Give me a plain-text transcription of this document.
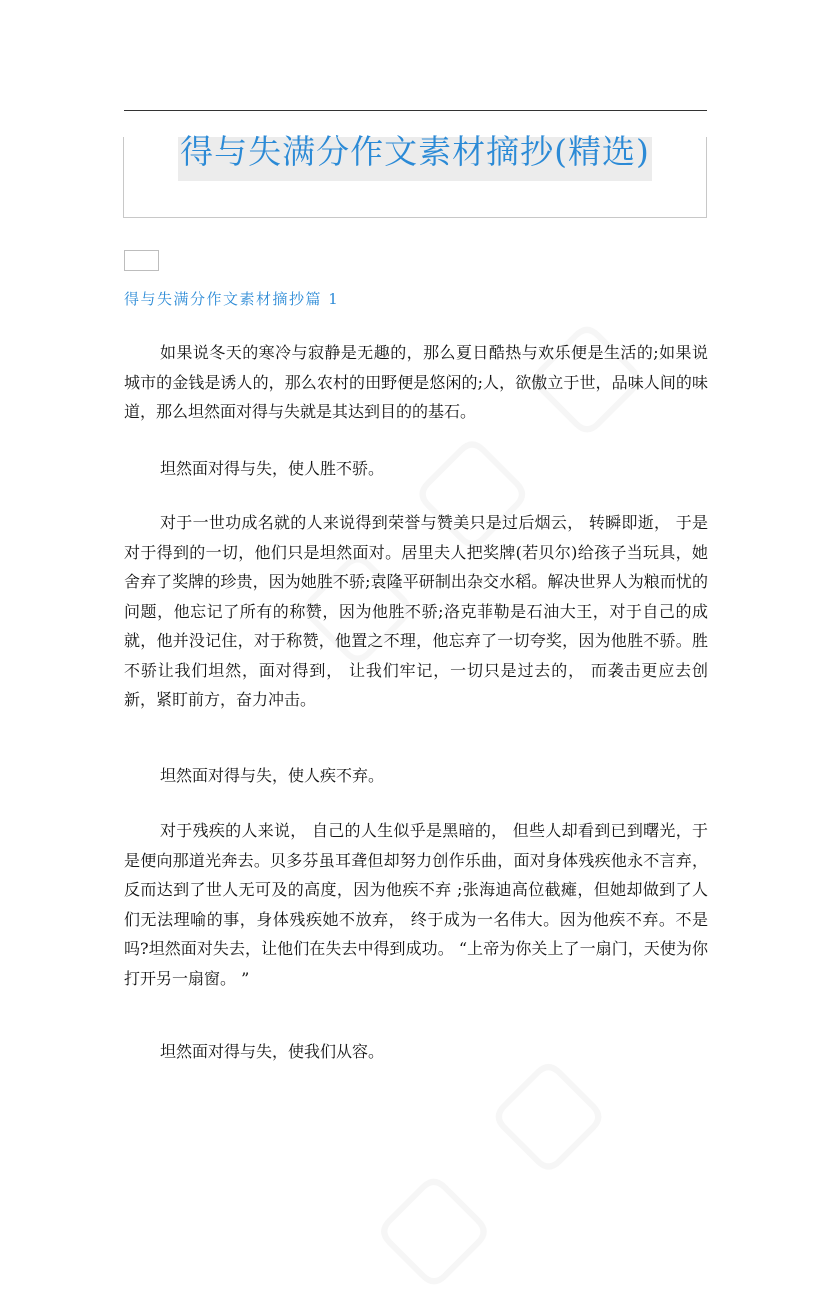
得与失满分作文素材摘抄(精选)
得与失满分作文素材摘抄篇 1
如果说冬天的寒冷与寂静是无趣的，那么夏日酷热与欢乐便是生活的;如果说城市的金钱是诱人的，那么农村的田野便是悠闲的;人，欲傲立于世，品味人间的味道，那么坦然面对得与失就是其达到目的的基石。
坦然面对得与失，使人胜不骄。
对于一世功成名就的人来说得到荣誉与赞美只是过后烟云， 转瞬即逝， 于是对于得到的一切，他们只是坦然面对。居里夫人把奖牌(若贝尔)给孩子当玩具，她舍弃了奖牌的珍贵，因为她胜不骄;袁隆平研制出杂交水稻。解决世界人为粮而忧的问题，他忘记了所有的称赞，因为他胜不骄;洛克菲勒是石油大王，对于自己的成就，他并没记住，对于称赞，他置之不理，他忘弃了一切夸奖，因为他胜不骄。胜不骄让我们坦然，面对得到， 让我们牢记，一切只是过去的， 而袭击更应去创新，紧盯前方，奋力冲击。
坦然面对得与失，使人疾不弃。
对于残疾的人来说， 自己的人生似乎是黑暗的， 但些人却看到已到曙光，于是便向那道光奔去。贝多芬虽耳聋但却努力创作乐曲，面对身体残疾他永不言弃，反而达到了世人无可及的高度，因为他疾不弃 ;张海迪高位截瘫，但她却做到了人们无法理喻的事，身体残疾她不放弃， 终于成为一名伟大。因为他疾不弃。不是吗?坦然面对失去，让他们在失去中得到成功。 “上帝为你关上了一扇门，天使为你打开另一扇窗。 ”
坦然面对得与失，使我们从容。
